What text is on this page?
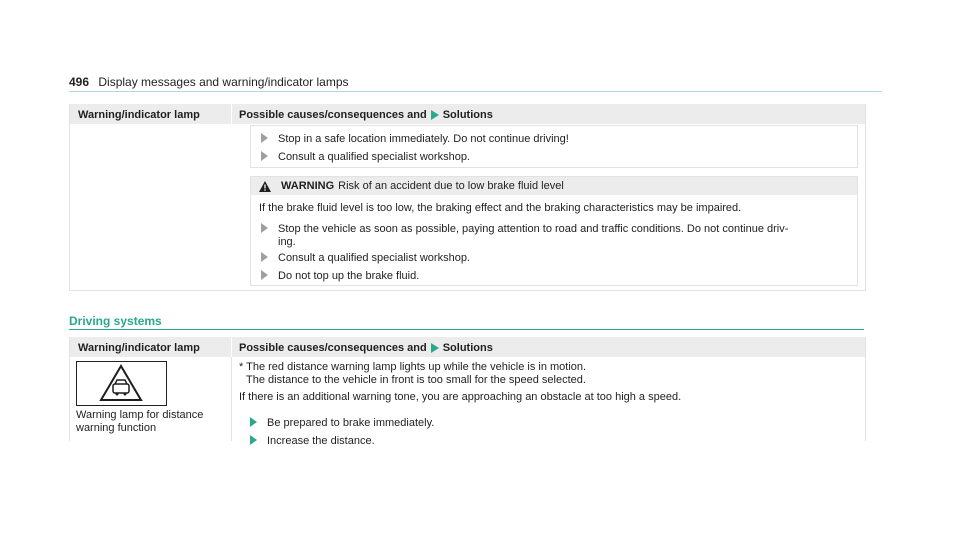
496 Display messages and warning/indicator lamps
Warning/indicator lamp	Possible causes/consequences and Solutions
Stop in a safe location immediately. Do not continue driving!
Consult a qualified specialist workshop.
WARNING Risk of an accident due to low brake fluid level
If the brake fluid level is too low, the braking effect and the braking characteristics may be impaired.
Stop the vehicle as soon as possible, paying attention to road and traffic conditions. Do not continue driv-
ing.
Consult a qualified specialist workshop.
Do not top up the brake fluid.
Driving systems
Warning/indicator lamp	Possible causes/consequences and Solutions
Warning lamp for distance
warning function
* The red distance warning lamp lights up while the vehicle is in motion.
The distance to the vehicle in front is too small for the speed selected.
If there is an additional warning tone, you are approaching an obstacle at too high a speed.
Be prepared to brake immediately.
Increase the distance.
